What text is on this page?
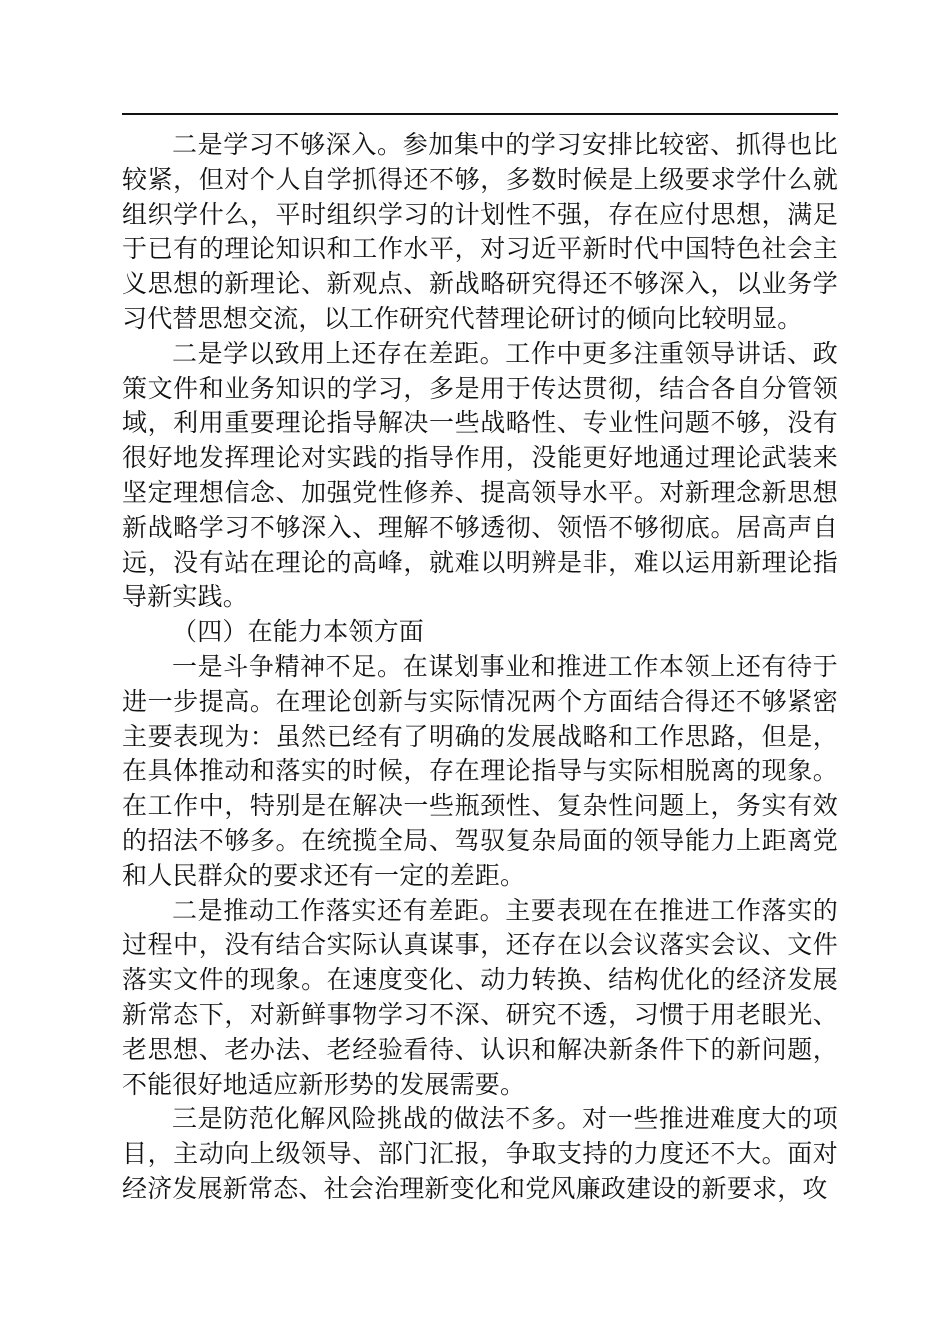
二是学习不够深入。参加集中的学习安排比较密、抓得也比较紧，但对个人自学抓得还不够，多数时候是上级要求学什么就组织学什么，平时组织学习的计划性不强，存在应付思想，满足于已有的理论知识和工作水平，对习近平新时代中国特色社会主义思想的新理论、新观点、新战略研究得还不够深入，以业务学习代替思想交流，以工作研究代替理论研讨的倾向比较明显。

二是学以致用上还存在差距。工作中更多注重领导讲话、政策文件和业务知识的学习，多是用于传达贯彻，结合各自分管领域，利用重要理论指导解决一些战略性、专业性问题不够，没有很好地发挥理论对实践的指导作用，没能更好地通过理论武装来坚定理想信念、加强党性修养、提高领导水平。对新理念新思想新战略学习不够深入、理解不够透彻、领悟不够彻底。居高声自远，没有站在理论的高峰，就难以明辨是非，难以运用新理论指导新实践。

（四）在能力本领方面

一是斗争精神不足。在谋划事业和推进工作本领上还有待于进一步提高。在理论创新与实际情况两个方面结合得还不够紧密主要表现为：虽然已经有了明确的发展战略和工作思路，但是，在具体推动和落实的时候，存在理论指导与实际相脱离的现象。在工作中，特别是在解决一些瓶颈性、复杂性问题上，务实有效的招法不够多。在统揽全局、驾驭复杂局面的领导能力上距离党和人民群众的要求还有一定的差距。

二是推动工作落实还有差距。主要表现在在推进工作落实的过程中，没有结合实际认真谋事，还存在以会议落实会议、文件落实文件的现象。在速度变化、动力转换、结构优化的经济发展新常态下，对新鲜事物学习不深、研究不透，习惯于用老眼光、老思想、老办法、老经验看待、认识和解决新条件下的新问题，不能很好地适应新形势的发展需要。

三是防范化解风险挑战的做法不多。对一些推进难度大的项目，主动向上级领导、部门汇报，争取支持的力度还不大。面对经济发展新常态、社会治理新变化和党风廉政建设的新要求，攻
